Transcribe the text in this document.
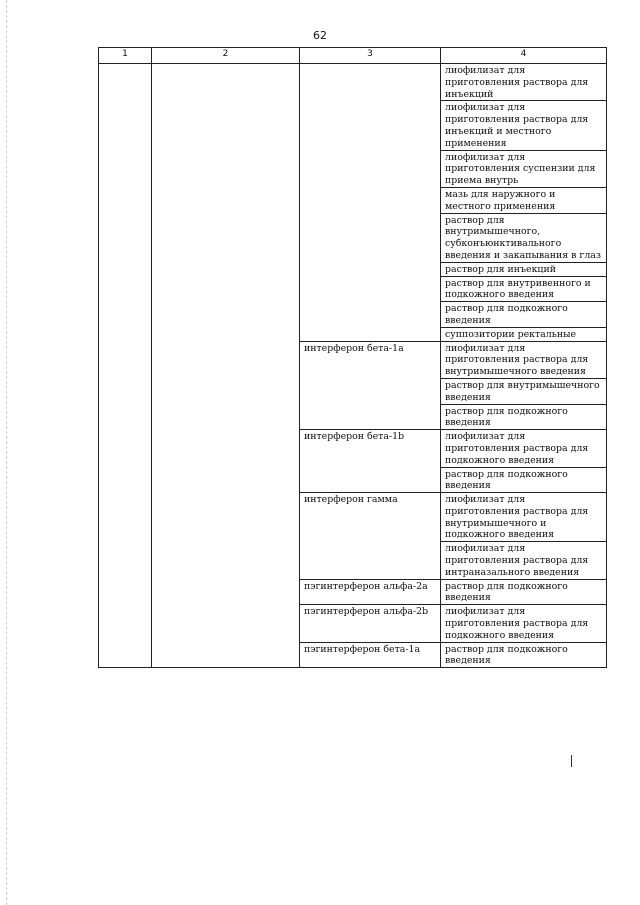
62
1	2	3	4
			лиофилизат для приготовления раствора для инъекций
			лиофилизат для приготовления раствора для инъекций и местного применения
			лиофилизат для приготовления суспензии для приема внутрь
			мазь для наружного и местного применения
			раствор для внутримышечного, субконъюнктивального введения и закапывания в глаз
			раствор для инъекций
			раствор для внутривенного и подкожного введения
			раствор для подкожного введения
			суппозитории ректальные
		интерферон бета-1a	лиофилизат для приготовления раствора для внутримышечного введения
			раствор для внутримышечного введения
			раствор для подкожного введения
		интерферон бета-1b	лиофилизат для приготовления раствора для подкожного введения
			раствор для подкожного введения
		интерферон гамма	лиофилизат для приготовления раствора для внутримышечного и подкожного введения
			лиофилизат для приготовления раствора для интраназального введения
		пэгинтерферон альфа-2a	раствор для подкожного введения
		пэгинтерферон альфа-2b	лиофилизат для приготовления раствора для подкожного введения
		пэгинтерферон бета-1a	раствор для подкожного введения
